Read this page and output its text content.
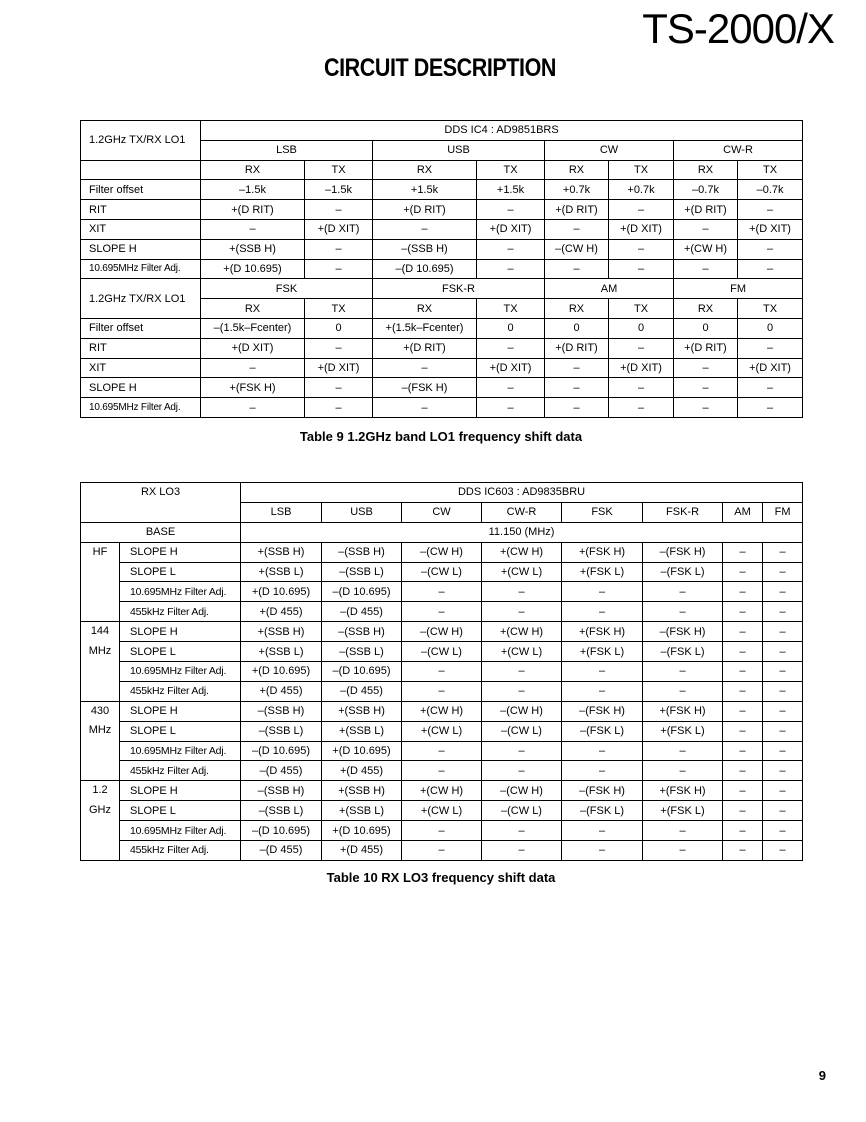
TS-2000/X
CIRCUIT DESCRIPTION
1.2GHz TX/RX LO1	DDS IC4 : AD9851BRS							
	LSB		USB		CW		CW-R	
	RX	TX	RX	TX	RX	TX	RX	TX
Filter offset	–1.5k	–1.5k	+1.5k	+1.5k	+0.7k	+0.7k	–0.7k	–0.7k
RIT	+(D RIT)	–	+(D RIT)	–	+(D RIT)	–	+(D RIT)	–
XIT	–	+(D XIT)	–	+(D XIT)	–	+(D XIT)	–	+(D XIT)
SLOPE H	+(SSB H)	–	–(SSB H)	–	–(CW H)	–	+(CW H)	–
10.695MHz Filter Adj.	+(D 10.695)	–	–(D 10.695)	–	–	–	–	–
1.2GHz TX/RX LO1	FSK		FSK-R		AM		FM	
	RX	TX	RX	TX	RX	TX	RX	TX
Filter offset	–(1.5k–Fcenter)	0	+(1.5k–Fcenter)	0	0	0	0	0
RIT	+(D XIT)	–	+(D RIT)	–	+(D RIT)	–	+(D RIT)	–
XIT	–	+(D XIT)	–	+(D XIT)	–	+(D XIT)	–	+(D XIT)
SLOPE H	+(FSK H)	–	–(FSK H)	–	–	–	–	–
10.695MHz Filter Adj.	–	–	–	–	–	–	–	–
Table 9 1.2GHz band LO1 frequency shift data
RX LO3		DDS IC603 : AD9835BRU							
		LSB	USB	CW	CW-R	FSK	FSK-R	AM	FM
BASE		11.150 (MHz)							
HF	SLOPE H	+(SSB H)	–(SSB H)	–(CW H)	+(CW H)	+(FSK H)	–(FSK H)	–	–
	SLOPE L	+(SSB L)	–(SSB L)	–(CW L)	+(CW L)	+(FSK L)	–(FSK L)	–	–
	10.695MHz Filter Adj.	+(D 10.695)	–(D 10.695)	–	–	–	–	–	–
	455kHz Filter Adj.	+(D 455)	–(D 455)	–	–	–	–	–	–
144	SLOPE H	+(SSB H)	–(SSB H)	–(CW H)	+(CW H)	+(FSK H)	–(FSK H)	–	–
MHz	SLOPE L	+(SSB L)	–(SSB L)	–(CW L)	+(CW L)	+(FSK L)	–(FSK L)	–	–
	10.695MHz Filter Adj.	+(D 10.695)	–(D 10.695)	–	–	–	–	–	–
	455kHz Filter Adj.	+(D 455)	–(D 455)	–	–	–	–	–	–
430	SLOPE H	–(SSB H)	+(SSB H)	+(CW H)	–(CW H)	–(FSK H)	+(FSK H)	–	–
MHz	SLOPE L	–(SSB L)	+(SSB L)	+(CW L)	–(CW L)	–(FSK L)	+(FSK L)	–	–
	10.695MHz Filter Adj.	–(D 10.695)	+(D 10.695)	–	–	–	–	–	–
	455kHz Filter Adj.	–(D 455)	+(D 455)	–	–	–	–	–	–
1.2	SLOPE H	–(SSB H)	+(SSB H)	+(CW H)	–(CW H)	–(FSK H)	+(FSK H)	–	–
GHz	SLOPE L	–(SSB L)	+(SSB L)	+(CW L)	–(CW L)	–(FSK L)	+(FSK L)	–	–
	10.695MHz Filter Adj.	–(D 10.695)	+(D 10.695)	–	–	–	–	–	–
	455kHz Filter Adj.	–(D 455)	+(D 455)	–	–	–	–	–	–
Table 10 RX LO3 frequency shift data
9
